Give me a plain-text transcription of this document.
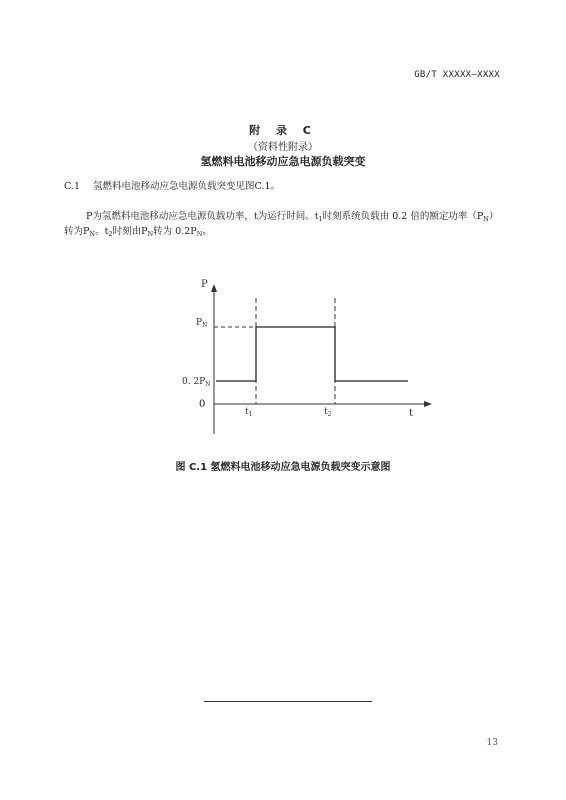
GB/T XXXXX—XXXX
附 录 C
（资料性附录）
氢燃料电池移动应急电源负载突变
C.1 氢燃料电池移动应急电源负载突变见图C.1。
P为氢燃料电池移动应急电源负载功率，t为运行时间。$t_1$时刻系统负载由 0.2 倍的额定功率$(P_N)$
转为$P_N$。$t_2$时刻由$P_N$转为 $0.2P_N$。
P
$P_N$
0. $2P_N$
0
$t_1$	$t_2$	t
图 C.1 氢燃料电池移动应急电源负载突变示意图
13
